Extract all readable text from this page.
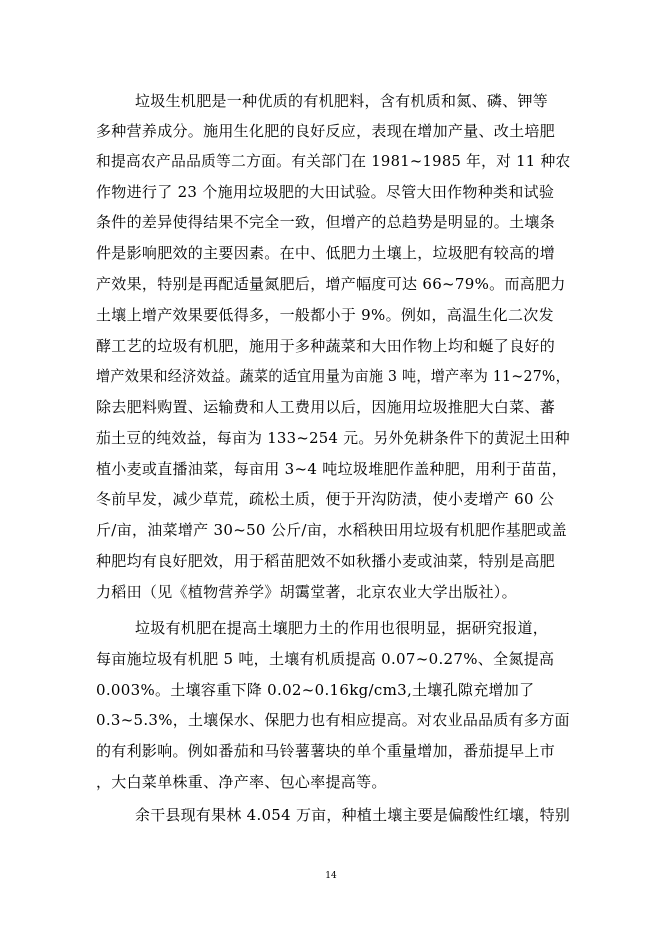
垃圾生机肥是一种优质的有机肥料，含有机质和氮、磷、钾等
多种营养成分。施用生化肥的良好反应，表现在增加产量、改土培肥
和提高农产品品质等二方面。有关部门在 1981~1985 年，对 11 种农
作物进行了 23 个施用垃圾肥的大田试验。尽管大田作物种类和试验
条件的差异使得结果不完全一致，但增产的总趋势是明显的。土壤条
件是影响肥效的主要因素。在中、低肥力土壤上，垃圾肥有较高的增
产效果，特别是再配适量氮肥后，增产幅度可达 66~79%。而高肥力
土壤上增产效果要低得多，一般都小于 9%。例如，高温生化二次发
酵工艺的垃圾有机肥，施用于多种蔬菜和大田作物上均和蜒了良好的
增产效果和经济效益。蔬菜的适宜用量为亩施 3 吨，增产率为 11~27%，
除去肥料购置、运输费和人工费用以后，因施用垃圾推肥大白菜、蕃
茄土豆的纯效益，每亩为 133~254 元。另外免耕条件下的黄泥土田种
植小麦或直播油菜，每亩用 3~4 吨垃圾堆肥作盖种肥，用利于苗苗，
冬前早发，减少草荒，疏松土质，便于开沟防渍，使小麦增产 60 公
斤/亩，油菜增产 30~50 公斤/亩，水稻秧田用垃圾有机肥作基肥或盖
种肥均有良好肥效，用于稻苗肥效不如秋播小麦或油菜，特别是高肥
力稻田（见《植物营养学》胡霭堂著，北京农业大学出版社）。
垃圾有机肥在提高土壤肥力土的作用也很明显，据研究报道，
每亩施垃圾有机肥 5 吨，土壤有机质提高 0.07~0.27%、全氮提高
0.003%。土壤容重下降 0.02~0.16kg/cm3,土壤孔隙充增加了
0.3~5.3%，土壤保水、保肥力也有相应提高。对农业品品质有多方面
的有利影响。例如番茄和马铃薯薯块的单个重量增加，番茄提早上市
，大白菜单株重、净产率、包心率提高等。
余干县现有果林 4.054 万亩，种植土壤主要是偏酸性红壤，特别
14
